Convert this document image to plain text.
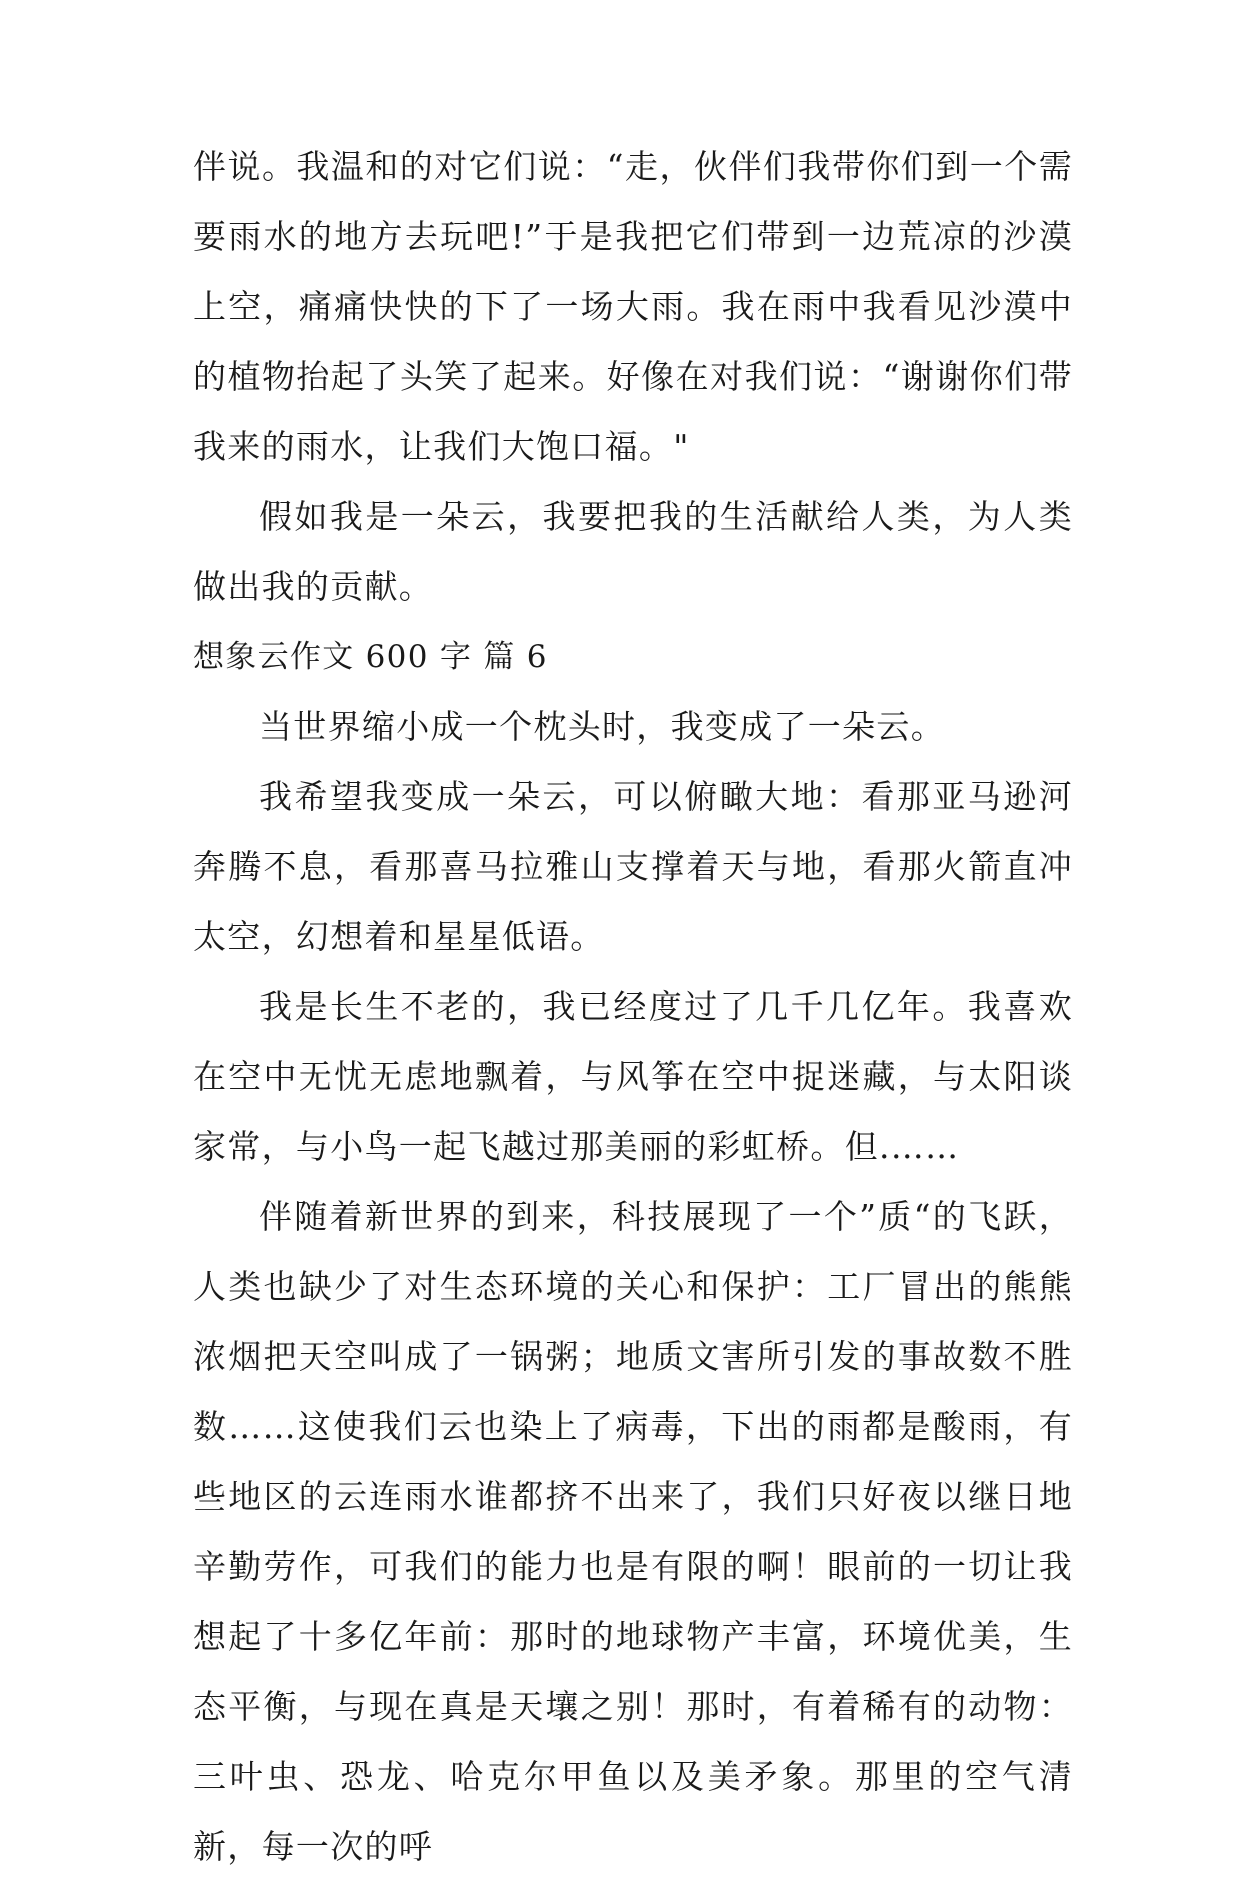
伴说。我温和的对它们说：“走，伙伴们我带你们到一个需要雨水的地方去玩吧!”于是我把它们带到一边荒凉的沙漠上空，痛痛快快的下了一场大雨。我在雨中我看见沙漠中的植物抬起了头笑了起来。好像在对我们说：“谢谢你们带我来的雨水，让我们大饱口福。"

假如我是一朵云，我要把我的生活献给人类，为人类做出我的贡献。

想象云作文 600 字 篇 6

当世界缩小成一个枕头时，我变成了一朵云。

我希望我变成一朵云，可以俯瞰大地：看那亚马逊河奔腾不息，看那喜马拉雅山支撑着天与地，看那火箭直冲太空，幻想着和星星低语。

我是长生不老的，我已经度过了几千几亿年。我喜欢在空中无忧无虑地飘着，与风筝在空中捉迷藏，与太阳谈家常，与小鸟一起飞越过那美丽的彩虹桥。但.……

伴随着新世界的到来，科技展现了一个”质“的飞跃，人类也缺少了对生态环境的关心和保护：工厂冒出的熊熊浓烟把天空叫成了一锅粥；地质文害所引发的事故数不胜数……这使我们云也染上了病毒，下出的雨都是酸雨，有些地区的云连雨水谁都挤不出来了，我们只好夜以继日地辛勤劳作，可我们的能力也是有限的啊！眼前的一切让我想起了十多亿年前：那时的地球物产丰富，环境优美，生态平衡，与现在真是天壤之别！那时，有着稀有的动物：三叶虫、恐龙、哈克尔甲鱼以及美矛象。那里的空气清新，每一次的呼
